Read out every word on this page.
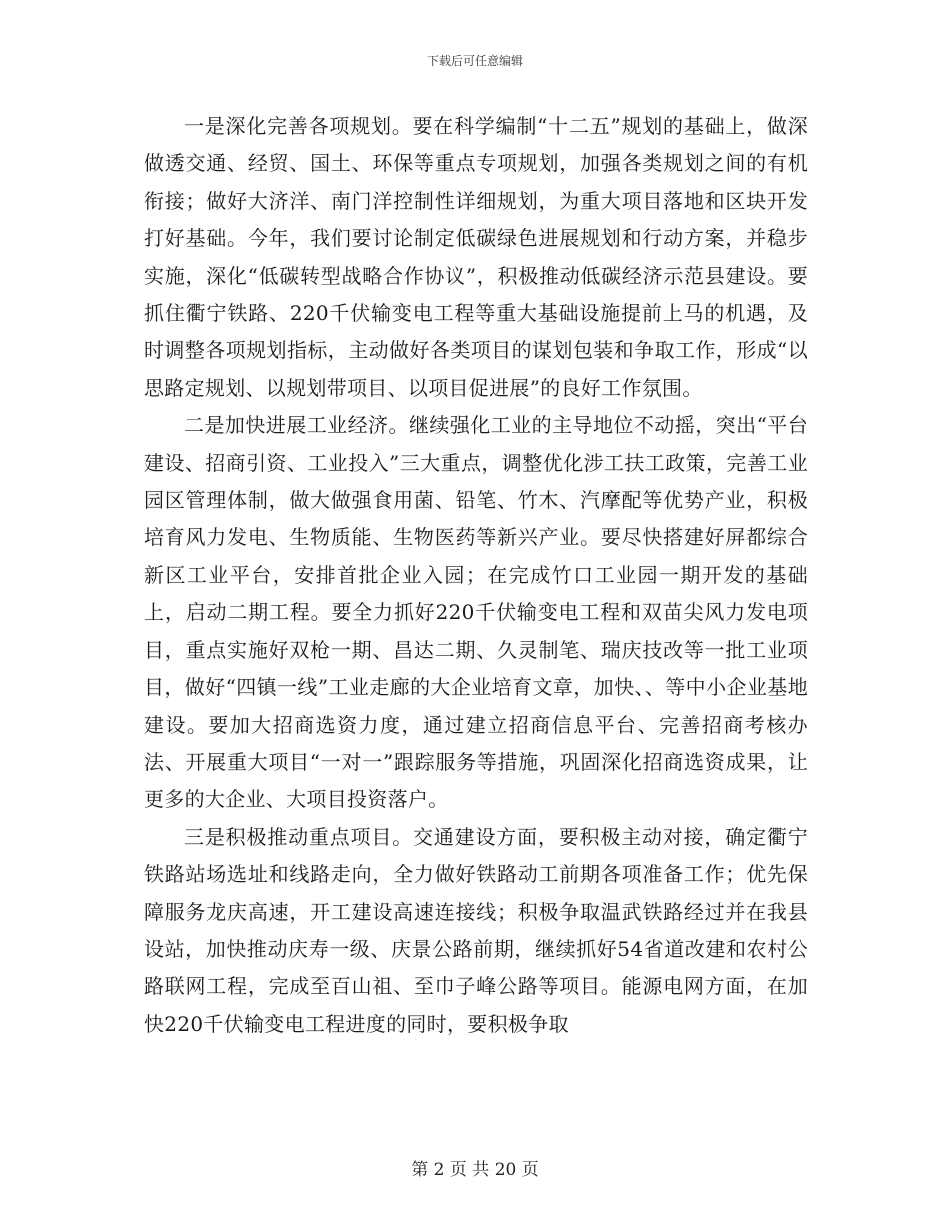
下载后可任意编辑

一是深化完善各项规划。要在科学编制“十二五”规划的基础上，做深做透交通、经贸、国土、环保等重点专项规划，加强各类规划之间的有机衔接；做好大济洋、南门洋控制性详细规划，为重大项目落地和区块开发打好基础。今年，我们要讨论制定低碳绿色进展规划和行动方案，并稳步实施，深化“低碳转型战略合作协议”，积极推动低碳经济示范县建设。要抓住衢宁铁路、220千伏输变电工程等重大基础设施提前上马的机遇，及时调整各项规划指标，主动做好各类项目的谋划包装和争取工作，形成“以思路定规划、以规划带项目、以项目促进展”的良好工作氛围。

二是加快进展工业经济。继续强化工业的主导地位不动摇，突出“平台建设、招商引资、工业投入”三大重点，调整优化涉工扶工政策，完善工业园区管理体制，做大做强食用菌、铅笔、竹木、汽摩配等优势产业，积极培育风力发电、生物质能、生物医药等新兴产业。要尽快搭建好屏都综合新区工业平台，安排首批企业入园；在完成竹口工业园一期开发的基础上，启动二期工程。要全力抓好220千伏输变电工程和双苗尖风力发电项目，重点实施好双枪一期、昌达二期、久灵制笔、瑞庆技改等一批工业项目，做好“四镇一线”工业走廊的大企业培育文章，加快、、等中小企业基地建设。要加大招商选资力度，通过建立招商信息平台、完善招商考核办法、开展重大项目“一对一”跟踪服务等措施，巩固深化招商选资成果，让更多的大企业、大项目投资落户。

三是积极推动重点项目。交通建设方面，要积极主动对接，确定衢宁铁路站场选址和线路走向，全力做好铁路动工前期各项准备工作；优先保障服务龙庆高速，开工建设高速连接线；积极争取温武铁路经过并在我县设站，加快推动庆寿一级、庆景公路前期，继续抓好54省道改建和农村公路联网工程，完成至百山祖、至巾子峰公路等项目。能源电网方面，在加快220千伏输变电工程进度的同时，要积极争取

第 2 页 共 20 页
